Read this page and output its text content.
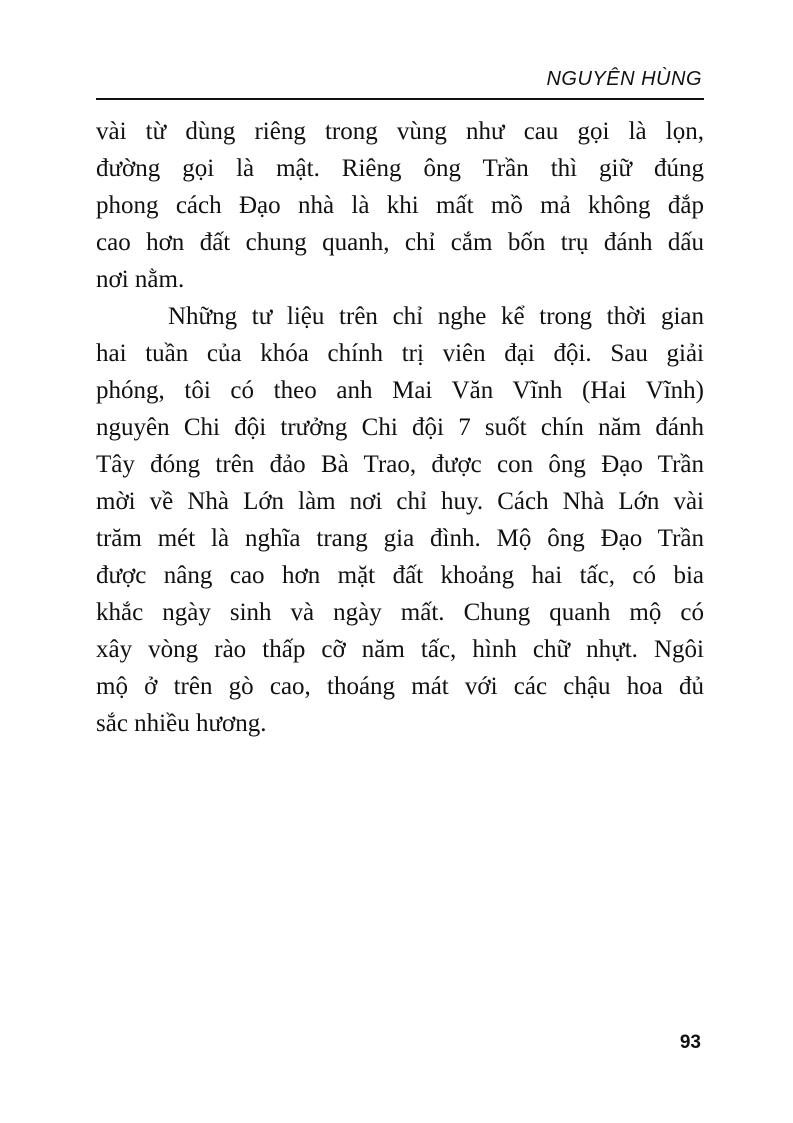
NGUYÊN HÙNG
vài từ dùng riêng trong vùng như cau gọi là lọn,
đường gọi là mật. Riêng ông Trần thì giữ đúng
phong cách Đạo nhà là khi mất mồ mả không đắp
cao hơn đất chung quanh, chỉ cắm bốn trụ đánh dấu
nơi nằm.
Những tư liệu trên chỉ nghe kể trong thời gian
hai tuần của khóa chính trị viên đại đội. Sau giải
phóng, tôi có theo anh Mai Văn Vĩnh (Hai Vĩnh)
nguyên Chi đội trưởng Chi đội 7 suốt chín năm đánh
Tây đóng trên đảo Bà Trao, được con ông Đạo Trần
mời về Nhà Lớn làm nơi chỉ huy. Cách Nhà Lớn vài
trăm mét là nghĩa trang gia đình. Mộ ông Đạo Trần
được nâng cao hơn mặt đất khoảng hai tấc, có bia
khắc ngày sinh và ngày mất. Chung quanh mộ có
xây vòng rào thấp cỡ năm tấc, hình chữ nhựt. Ngôi
mộ ở trên gò cao, thoáng mát với các chậu hoa đủ
sắc nhiều hương.
93
